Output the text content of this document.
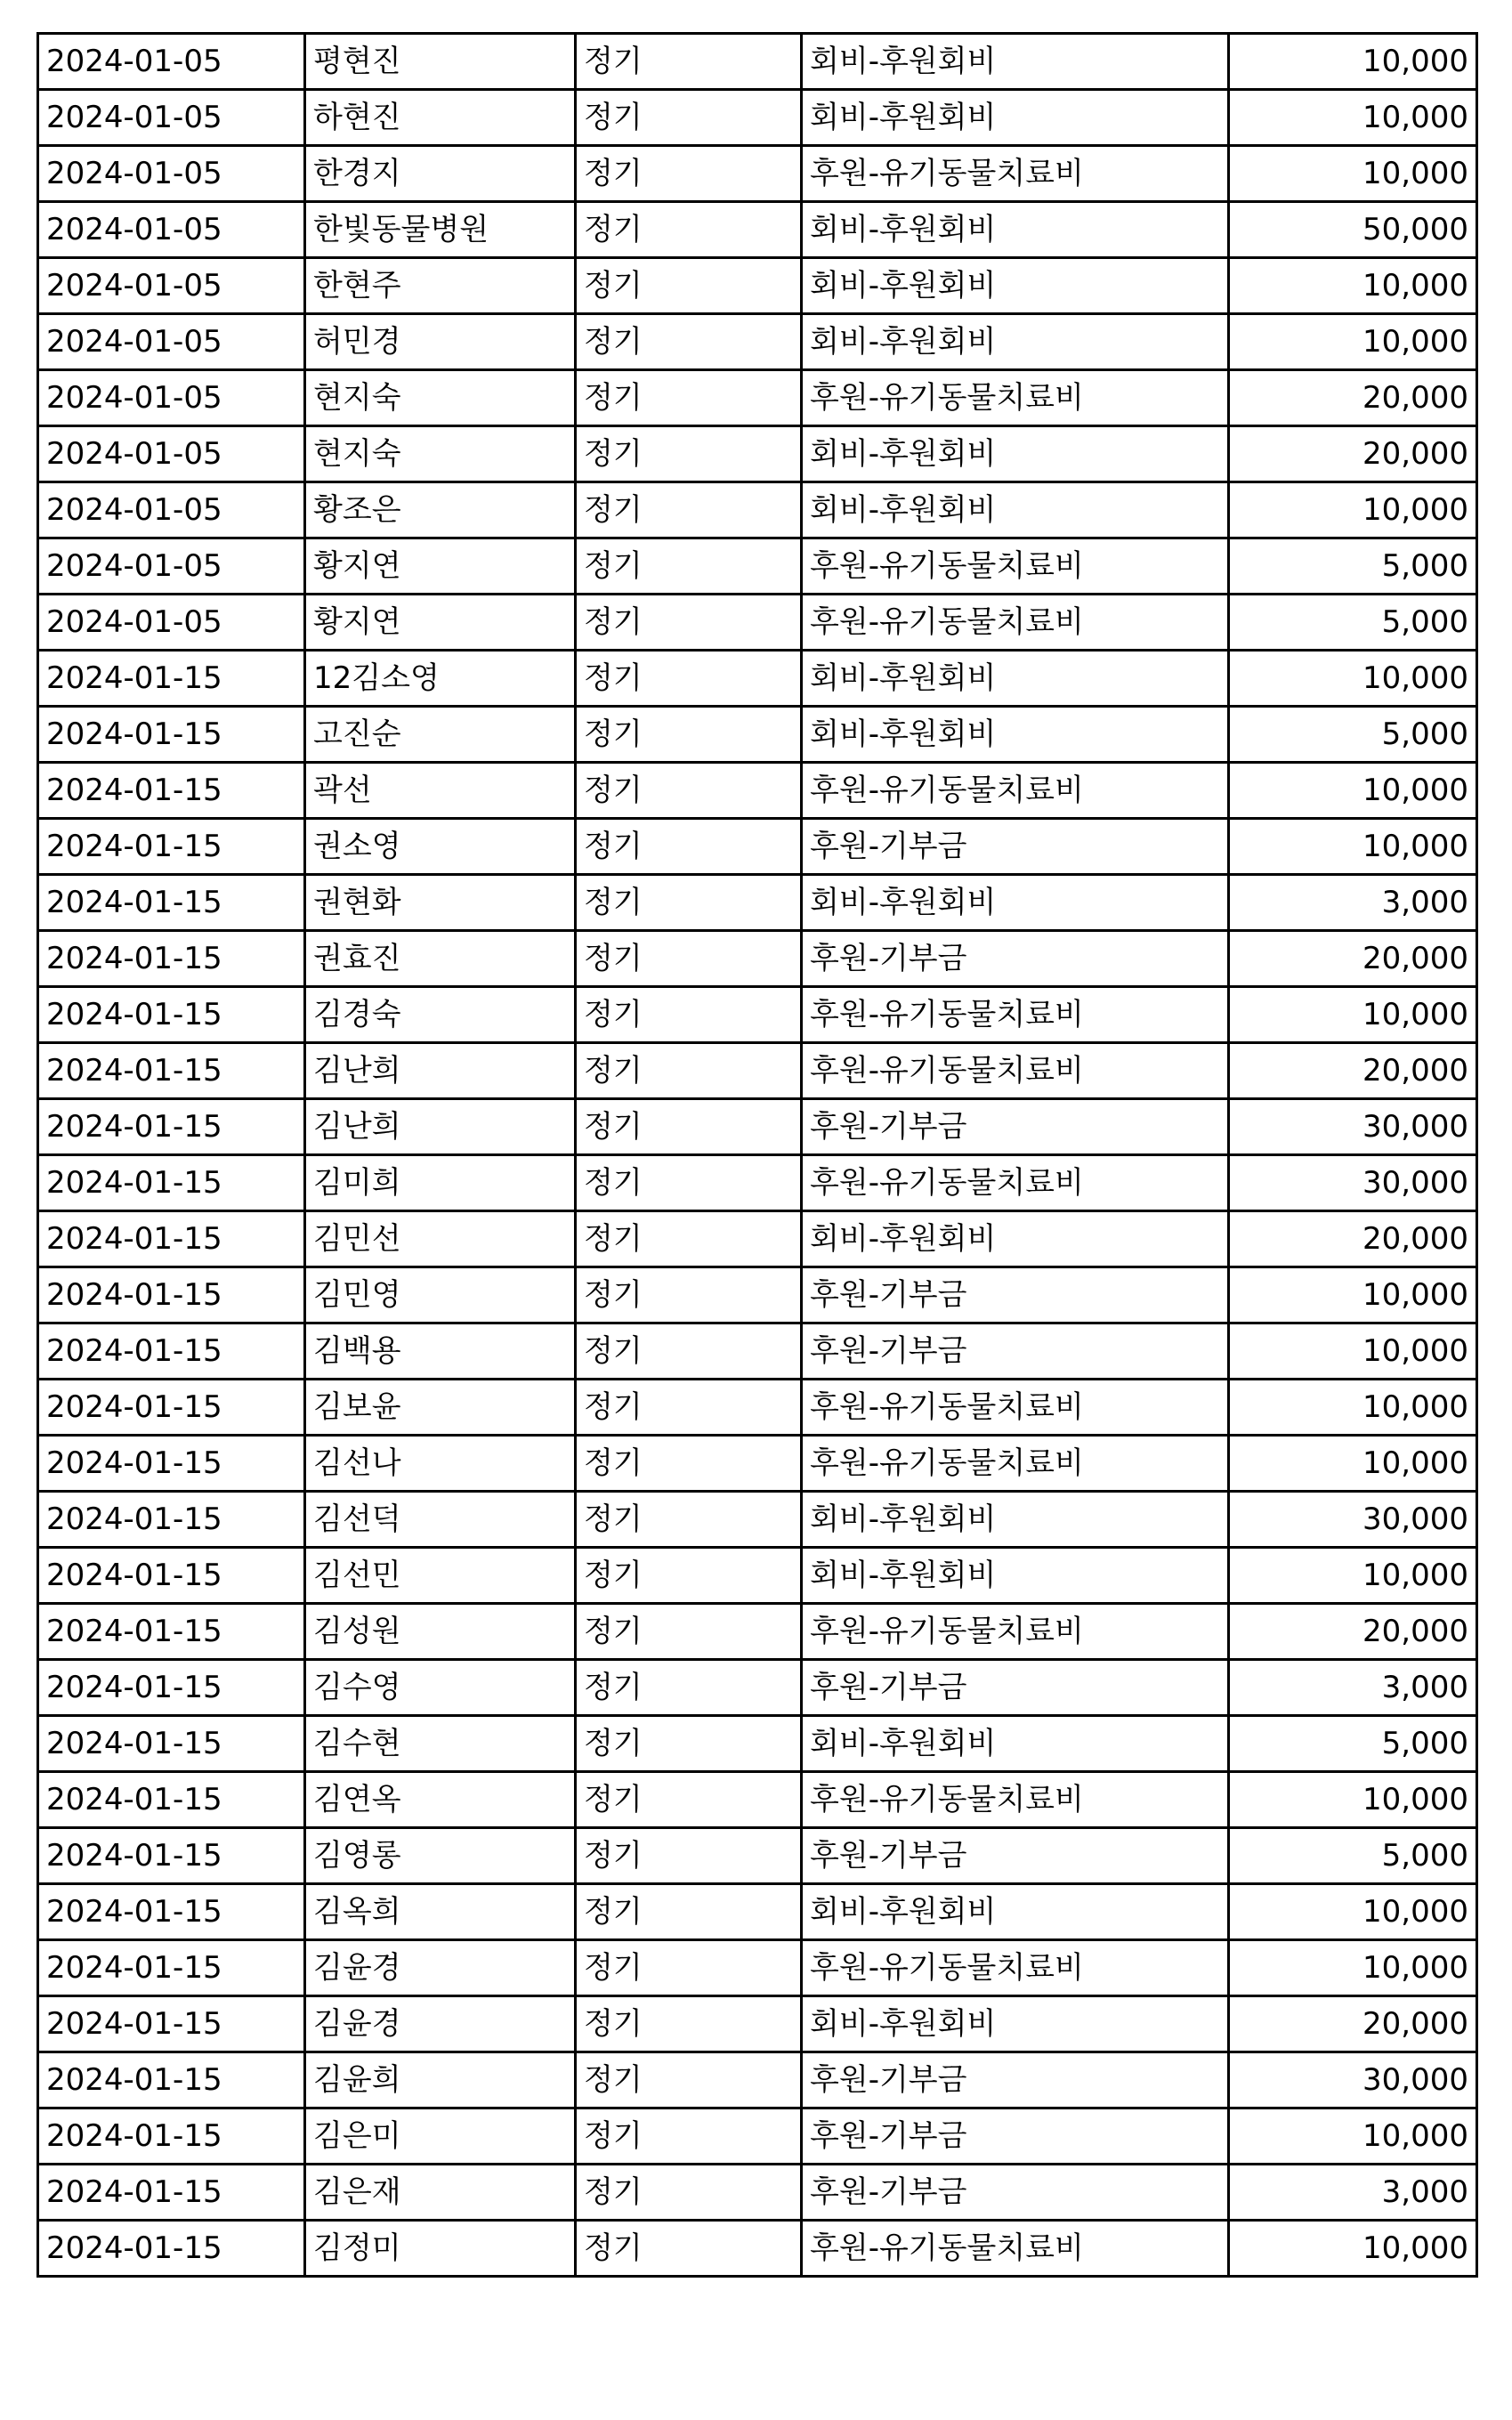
2024-01-05	평현진	정기	회비-후원회비	10,000
2024-01-05	하현진	정기	회비-후원회비	10,000
2024-01-05	한경지	정기	후원-유기동물치료비	10,000
2024-01-05	한빛동물병원	정기	회비-후원회비	50,000
2024-01-05	한현주	정기	회비-후원회비	10,000
2024-01-05	허민경	정기	회비-후원회비	10,000
2024-01-05	현지숙	정기	후원-유기동물치료비	20,000
2024-01-05	현지숙	정기	회비-후원회비	20,000
2024-01-05	황조은	정기	회비-후원회비	10,000
2024-01-05	황지연	정기	후원-유기동물치료비	5,000
2024-01-05	황지연	정기	후원-유기동물치료비	5,000
2024-01-15	12김소영	정기	회비-후원회비	10,000
2024-01-15	고진순	정기	회비-후원회비	5,000
2024-01-15	곽선	정기	후원-유기동물치료비	10,000
2024-01-15	권소영	정기	후원-기부금	10,000
2024-01-15	권현화	정기	회비-후원회비	3,000
2024-01-15	권효진	정기	후원-기부금	20,000
2024-01-15	김경숙	정기	후원-유기동물치료비	10,000
2024-01-15	김난희	정기	후원-유기동물치료비	20,000
2024-01-15	김난희	정기	후원-기부금	30,000
2024-01-15	김미희	정기	후원-유기동물치료비	30,000
2024-01-15	김민선	정기	회비-후원회비	20,000
2024-01-15	김민영	정기	후원-기부금	10,000
2024-01-15	김백용	정기	후원-기부금	10,000
2024-01-15	김보윤	정기	후원-유기동물치료비	10,000
2024-01-15	김선나	정기	후원-유기동물치료비	10,000
2024-01-15	김선덕	정기	회비-후원회비	30,000
2024-01-15	김선민	정기	회비-후원회비	10,000
2024-01-15	김성원	정기	후원-유기동물치료비	20,000
2024-01-15	김수영	정기	후원-기부금	3,000
2024-01-15	김수현	정기	회비-후원회비	5,000
2024-01-15	김연옥	정기	후원-유기동물치료비	10,000
2024-01-15	김영롱	정기	후원-기부금	5,000
2024-01-15	김옥희	정기	회비-후원회비	10,000
2024-01-15	김윤경	정기	후원-유기동물치료비	10,000
2024-01-15	김윤경	정기	회비-후원회비	20,000
2024-01-15	김윤희	정기	후원-기부금	30,000
2024-01-15	김은미	정기	후원-기부금	10,000
2024-01-15	김은재	정기	후원-기부금	3,000
2024-01-15	김정미	정기	후원-유기동물치료비	10,000
